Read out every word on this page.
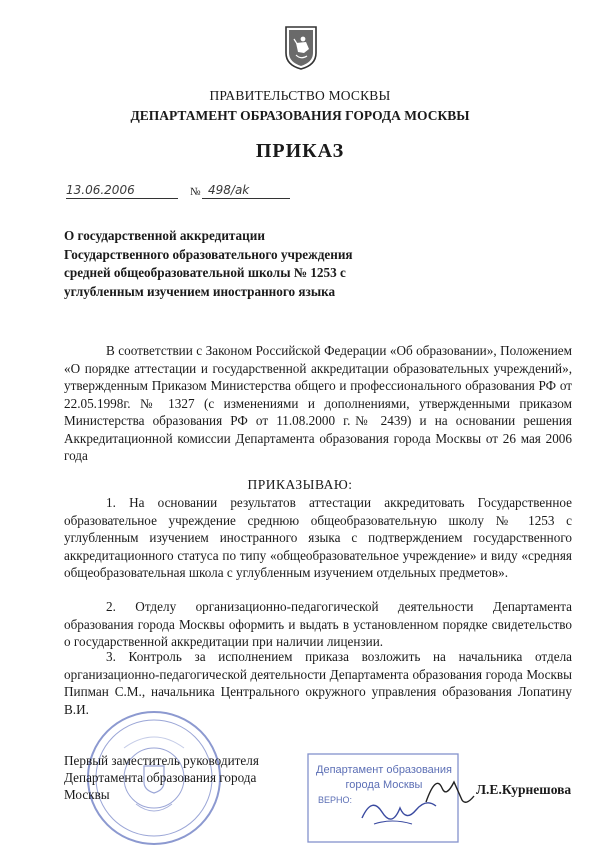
ПРАВИТЕЛЬСТВО МОСКВЫ
ДЕПАРТАМЕНТ ОБРАЗОВАНИЯ ГОРОДА МОСКВЫ
ПРИКАЗ
13.06.2006	№ 498/ak
О государственной аккредитации Государственного образовательного учреждения средней общеобразовательной школы № 1253 с углубленным изучением иностранного языка
В соответствии с Законом Российской Федерации «Об образовании», Положением «О порядке аттестации и государственной аккредитации образовательных учреждений», утвержденным Приказом Министерства общего и профессионального образования РФ от 22.05.1998г. № 1327 (с изменениями и дополнениями, утвержденными приказом Министерства образования РФ от 11.08.2000 г.№ 2439) и на основании решения Аккредитационной комиссии Департамента образования города Москвы от 26 мая 2006 года
ПРИКАЗЫВАЮ:
1. На основании результатов аттестации аккредитовать Государственное образовательное учреждение среднюю общеобразовательную школу № 1253 с углубленным изучением иностранного языка с подтверждением государственного аккредитационного статуса по типу «общеобразовательное учреждение» и виду «средняя общеобразовательная школа с углубленным изучением отдельных предметов».
2. Отделу организационно-педагогической деятельности Департамента образования города Москвы оформить и выдать в установленном порядке свидетельство о государственной аккредитации при наличии лицензии.
3. Контроль за исполнением приказа возложить на начальника отдела организационно-педагогической деятельности Департамента образования города Москвы Пипман С.М., начальника Центрального окружного управления образования Лопатину В.И.
Первый заместитель руководителя Департамента образования города Москвы
Департамент образования
города Москвы
ВЕРНО:
Л.Е.Курнешова
